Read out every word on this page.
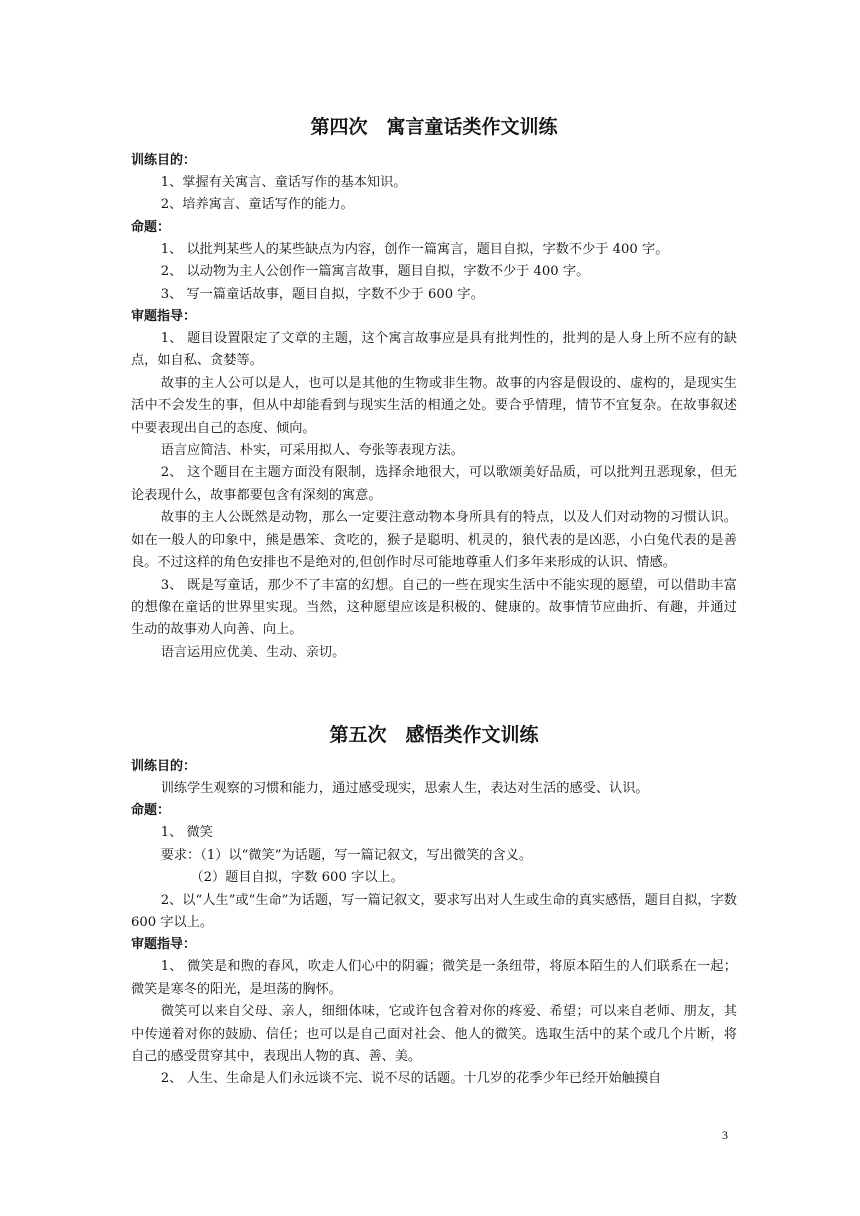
第四次　寓言童话类作文训练
训练目的：

1、掌握有关寓言、童话写作的基本知识。

2、培养寓言、童话写作的能力。

命题：

1、 以批判某些人的某些缺点为内容，创作一篇寓言，题目自拟，字数不少于 400 字。

2、 以动物为主人公创作一篇寓言故事，题目自拟，字数不少于 400 字。

3、 写一篇童话故事，题目自拟，字数不少于 600 字。

审题指导：

1、 题目设置限定了文章的主题，这个寓言故事应是具有批判性的，批判的是人身上所不应有的缺点，如自私、贪婪等。

故事的主人公可以是人，也可以是其他的生物或非生物。故事的内容是假设的、虚构的，是现实生活中不会发生的事，但从中却能看到与现实生活的相通之处。要合乎情理，情节不宜复杂。在故事叙述中要表现出自己的态度、倾向。

语言应简洁、朴实，可采用拟人、夸张等表现方法。

2、 这个题目在主题方面没有限制，选择余地很大，可以歌颂美好品质，可以批判丑恶现象，但无论表现什么，故事都要包含有深刻的寓意。

故事的主人公既然是动物，那么一定要注意动物本身所具有的特点，以及人们对动物的习惯认识。如在一般人的印象中，熊是愚笨、贪吃的，猴子是聪明、机灵的，狼代表的是凶恶，小白兔代表的是善良。不过这样的角色安排也不是绝对的,但创作时尽可能地尊重人们多年来形成的认识、情感。

3、 既是写童话，那少不了丰富的幻想。自己的一些在现实生活中不能实现的愿望，可以借助丰富的想像在童话的世界里实现。当然，这种愿望应该是积极的、健康的。故事情节应曲折、有趣，并通过生动的故事劝人向善、向上。

语言运用应优美、生动、亲切。

第五次　感悟类作文训练
训练目的：

训练学生观察的习惯和能力，通过感受现实，思索人生，表达对生活的感受、认识。

命题：

1、 微笑

要求：（1）以“微笑”为话题，写一篇记叙文，写出微笑的含义。

（2）题目自拟，字数 600 字以上。

2、以“人生”或“生命”为话题，写一篇记叙文，要求写出对人生或生命的真实感悟，题目自拟，字数 600 字以上。

审题指导：

1、 微笑是和煦的春风，吹走人们心中的阴霾；微笑是一条纽带，将原本陌生的人们联系在一起；微笑是寒冬的阳光，是坦荡的胸怀。

微笑可以来自父母、亲人，细细体味，它或许包含着对你的疼爱、希望；可以来自老师、朋友，其中传递着对你的鼓励、信任；也可以是自己面对社会、他人的微笑。选取生活中的某个或几个片断，将自己的感受贯穿其中，表现出人物的真、善、美。

2、 人生、生命是人们永远谈不完、说不尽的话题。十几岁的花季少年已经开始触摸自

3
